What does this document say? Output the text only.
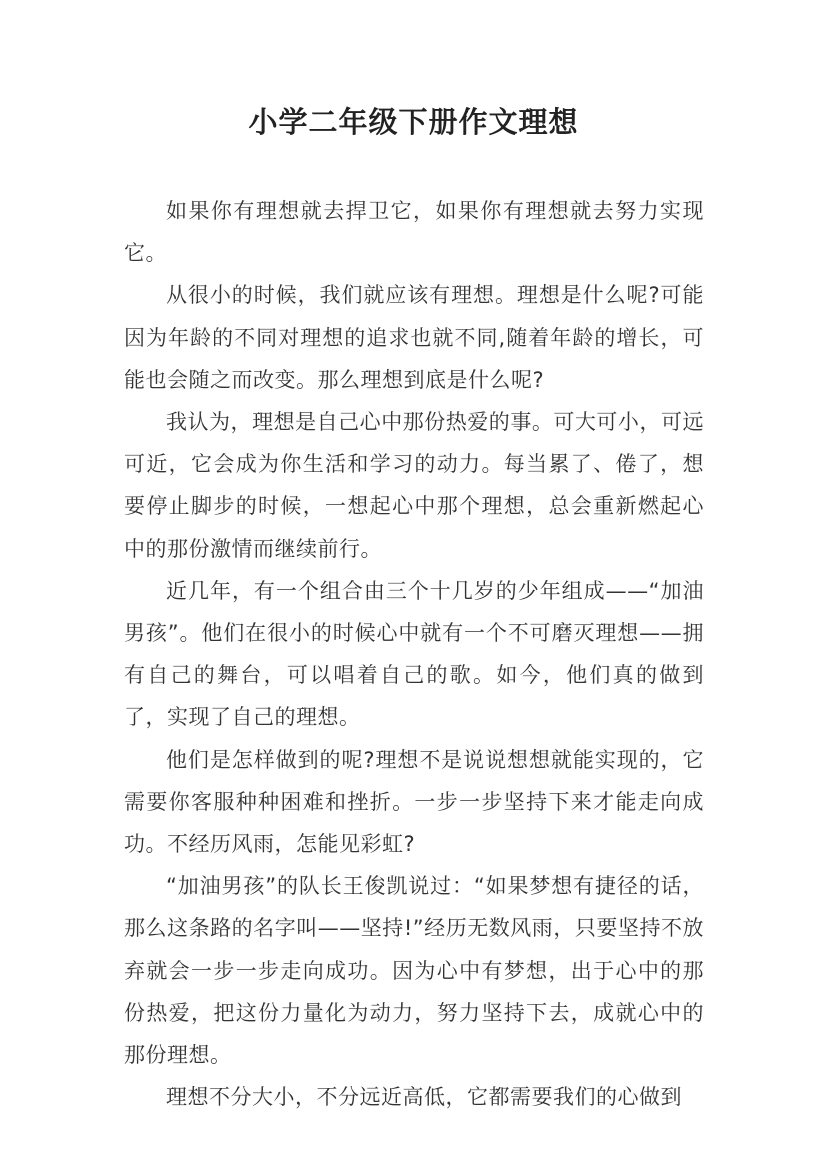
小学二年级下册作文理想

如果你有理想就去捍卫它，如果你有理想就去努力实现它。

从很小的时候，我们就应该有理想。理想是什么呢?可能因为年龄的不同对理想的追求也就不同,随着年龄的增长，可能也会随之而改变。那么理想到底是什么呢?

我认为，理想是自己心中那份热爱的事。可大可小，可远可近，它会成为你生活和学习的动力。每当累了、倦了，想要停止脚步的时候，一想起心中那个理想，总会重新燃起心中的那份激情而继续前行。

近几年，有一个组合由三个十几岁的少年组成——“加油男孩”。他们在很小的时候心中就有一个不可磨灭理想——拥有自己的舞台，可以唱着自己的歌。如今，他们真的做到了，实现了自己的理想。

他们是怎样做到的呢?理想不是说说想想就能实现的，它需要你客服种种困难和挫折。一步一步坚持下来才能走向成功。不经历风雨，怎能见彩虹?

“加油男孩”的队长王俊凯说过：“如果梦想有捷径的话，那么这条路的名字叫——坚持!”经历无数风雨，只要坚持不放弃就会一步一步走向成功。因为心中有梦想，出于心中的那份热爱，把这份力量化为动力，努力坚持下去，成就心中的那份理想。

理想不分大小，不分远近高低，它都需要我们的心做到
